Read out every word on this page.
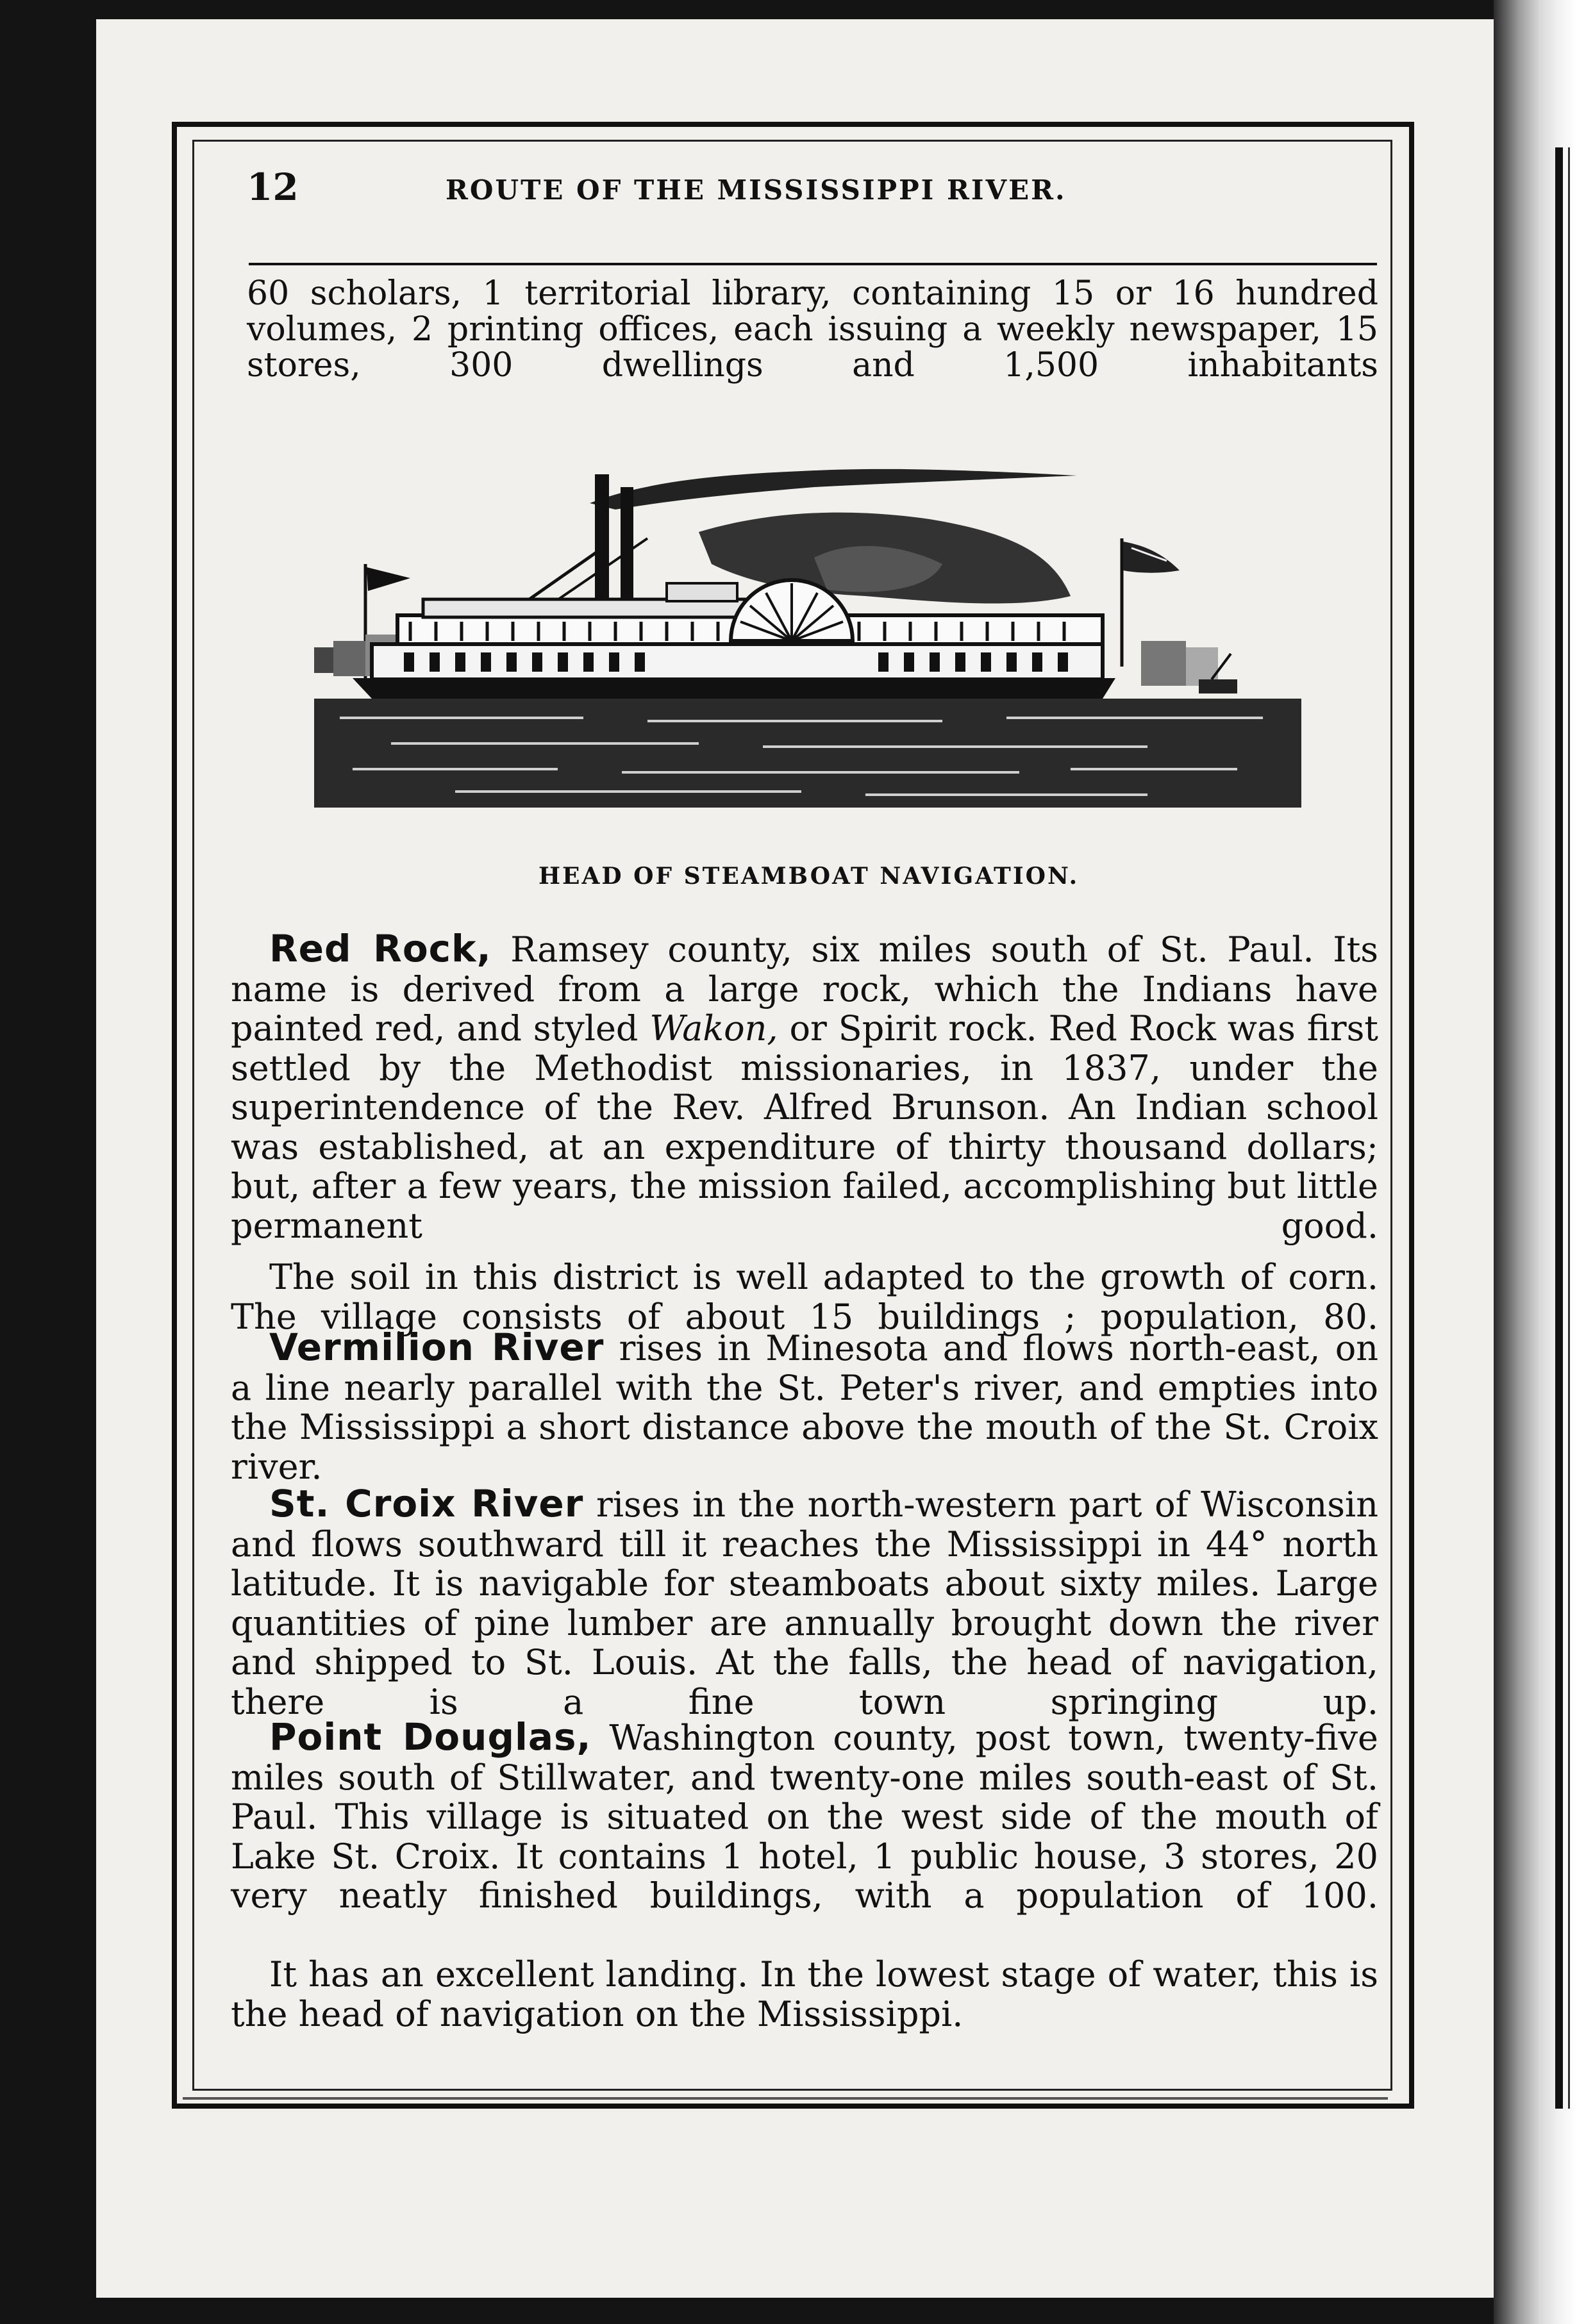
12	ROUTE OF THE MISSISSIPPI RIVER.

60 scholars, 1 territorial library, containing 15 or 16 hundred volumes, 2 printing offices, each issuing a weekly newspaper, 15 stores, 300 dwellings and 1,500 inhabitants

HEAD OF STEAMBOAT NAVIGATION.

Red Rock, Ramsey county, six miles south of St. Paul. Its name is derived from a large rock, which the Indians have painted red, and styled Wakon, or Spirit rock. Red Rock was first settled by the Methodist missionaries, in 1837, under the superintendence of the Rev. Alfred Brunson. An Indian school was established, at an expenditure of thirty thousand dollars; but, after a few years, the mission failed, accomplishing but little permanent good.

The soil in this district is well adapted to the growth of corn. The village consists of about 15 buildings ; population, 80.

Vermilion River rises in Minesota and flows north-east, on a line nearly parallel with the St. Peter's river, and empties into the Mississippi a short distance above the mouth of the St. Croix river.

St. Croix River rises in the north-western part of Wisconsin and flows southward till it reaches the Mississippi in 44° north latitude. It is navigable for steamboats about sixty miles. Large quantities of pine lumber are annually brought down the river and shipped to St. Louis. At the falls, the head of navigation, there is a fine town springing up.

Point Douglas, Washington county, post town, twenty-five miles south of Stillwater, and twenty-one miles south-east of St. Paul. This village is situated on the west side of the mouth of Lake St. Croix. It contains 1 hotel, 1 public house, 3 stores, 20 very neatly finished buildings, with a population of 100.

It has an excellent landing. In the lowest stage of water, this is the head of navigation on the Mississippi.
